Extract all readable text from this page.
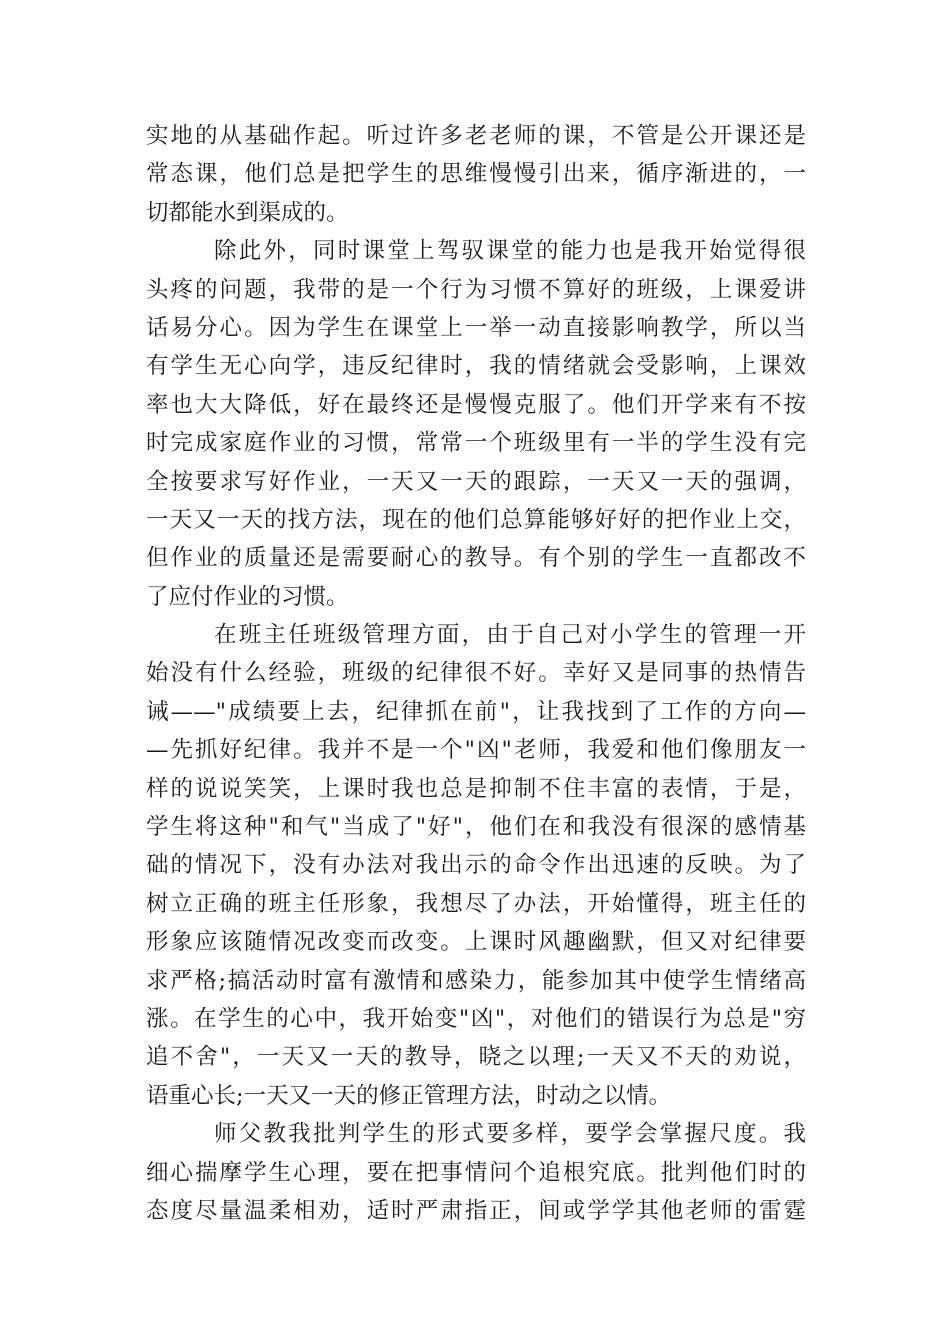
实地的从基础作起。听过许多老老师的课，不管是公开课还是
常态课，他们总是把学生的思维慢慢引出来，循序渐进的，一
切都能水到渠成的。
除此外，同时课堂上驾驭课堂的能力也是我开始觉得很
头疼的问题，我带的是一个行为习惯不算好的班级，上课爱讲
话易分心。因为学生在课堂上一举一动直接影响教学，所以当
有学生无心向学，违反纪律时，我的情绪就会受影响，上课效
率也大大降低，好在最终还是慢慢克服了。他们开学来有不按
时完成家庭作业的习惯，常常一个班级里有一半的学生没有完
全按要求写好作业，一天又一天的跟踪，一天又一天的强调，
一天又一天的找方法，现在的他们总算能够好好的把作业上交，
但作业的质量还是需要耐心的教导。有个别的学生一直都改不
了应付作业的习惯。
在班主任班级管理方面，由于自己对小学生的管理一开
始没有什么经验，班级的纪律很不好。幸好又是同事的热情告
诫——"成绩要上去，纪律抓在前"，让我找到了工作的方向—
—先抓好纪律。我并不是一个"凶"老师，我爱和他们像朋友一
样的说说笑笑，上课时我也总是抑制不住丰富的表情，于是，
学生将这种"和气"当成了"好"，他们在和我没有很深的感情基
础的情况下，没有办法对我出示的命令作出迅速的反映。为了
树立正确的班主任形象，我想尽了办法，开始懂得，班主任的
形象应该随情况改变而改变。上课时风趣幽默，但又对纪律要
求严格;搞活动时富有激情和感染力，能参加其中使学生情绪高
涨。在学生的心中，我开始变"凶"，对他们的错误行为总是"穷
追不舍"，一天又一天的教导，晓之以理;一天又不天的劝说，
语重心长;一天又一天的修正管理方法，时动之以情。
师父教我批判学生的形式要多样，要学会掌握尺度。我
细心揣摩学生心理，要在把事情问个追根究底。批判他们时的
态度尽量温柔相劝，适时严肃指正，间或学学其他老师的雷霆
